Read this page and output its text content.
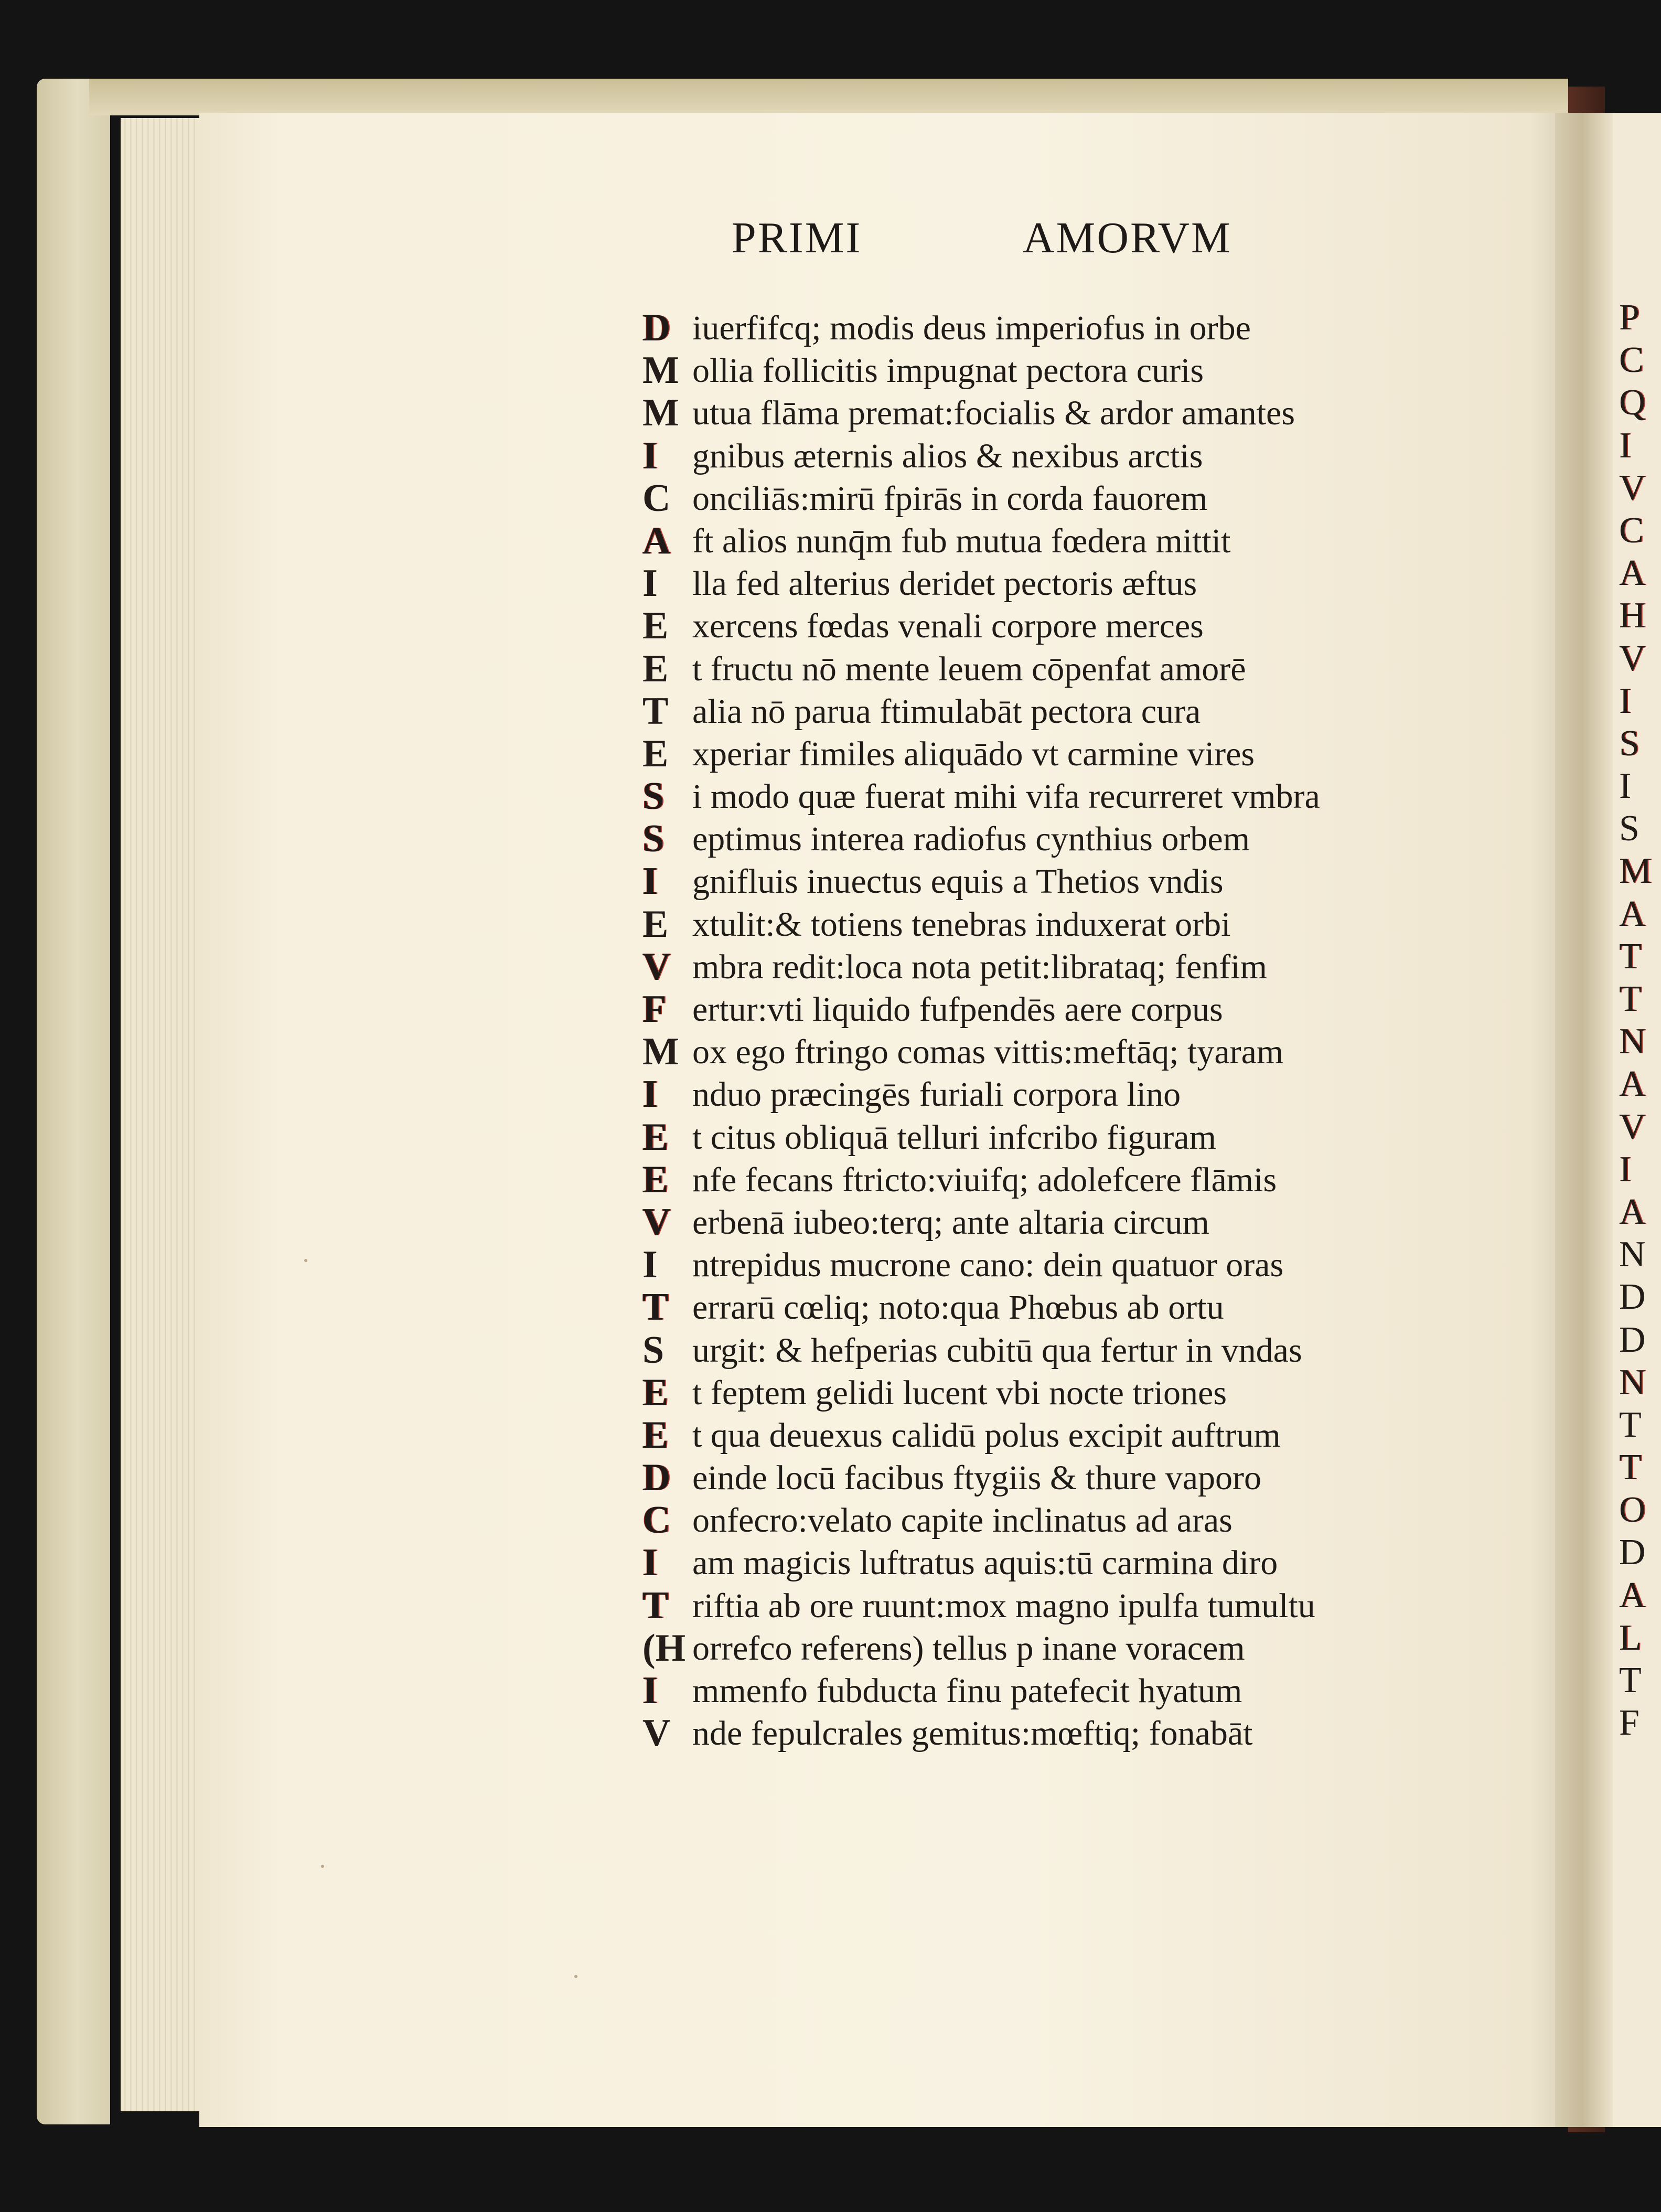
P
C
Q
I
V
C
A
H
V
I
S
I
S
M
A
T
T
N
A
V
I
A
N
D
D
N
T
T
O
D
A
L
T
F
PRIMI	AMORVM
D iuerfifcq; modis deus imperiofus in orbe
M ollia follicitis impugnat pectora curis
M utua flāma premat:focialis & ardor amantes
I gnibus æternis alios & nexibus arctis
C onciliās:mirū fpirās in corda fauorem
A ft alios nunq̄m fub mutua fœdera mittit
I lla fed alterius deridet pectoris æftus
E xercens fœdas venali corpore merces
E t fructu nō mente leuem cōpenfat amorē
T alia nō parua ftimulabāt pectora cura
E xperiar fimiles aliquādo vt carmine vires
S i modo quæ fuerat mihi vifa recurreret vmbra
S eptimus interea radiofus cynthius orbem
I gnifluis inuectus equis a Thetios vndis
E xtulit:& totiens tenebras induxerat orbi
V mbra redit:loca nota petit:librataq; fenfim
F ertur:vti liquido fufpendēs aere corpus
M ox ego ftringo comas vittis:meftāq; tyaram
I nduo præcingēs furiali corpora lino
E t citus obliquā telluri infcribo figuram
E nfe fecans ftricto:viuifq; adolefcere flāmis
V erbenā iubeo:terq; ante altaria circum
I ntrepidus mucrone cano: dein quatuor oras
T errarū cœliq; noto:qua Phœbus ab ortu
S urgit: & hefperias cubitū qua fertur in vndas
E t feptem gelidi lucent vbi nocte triones
E t qua deuexus calidū polus excipit auftrum
D einde locū facibus ftygiis & thure vaporo
C onfecro:velato capite inclinatus ad aras
I am magicis luftratus aquis:tū carmina diro
T riftia ab ore ruunt:mox magno ipulfa tumultu
(H orrefco referens) tellus p inane voracem
I mmenfo fubducta finu patefecit hyatum
V nde fepulcrales gemitus:mœftiq; fonabāt
